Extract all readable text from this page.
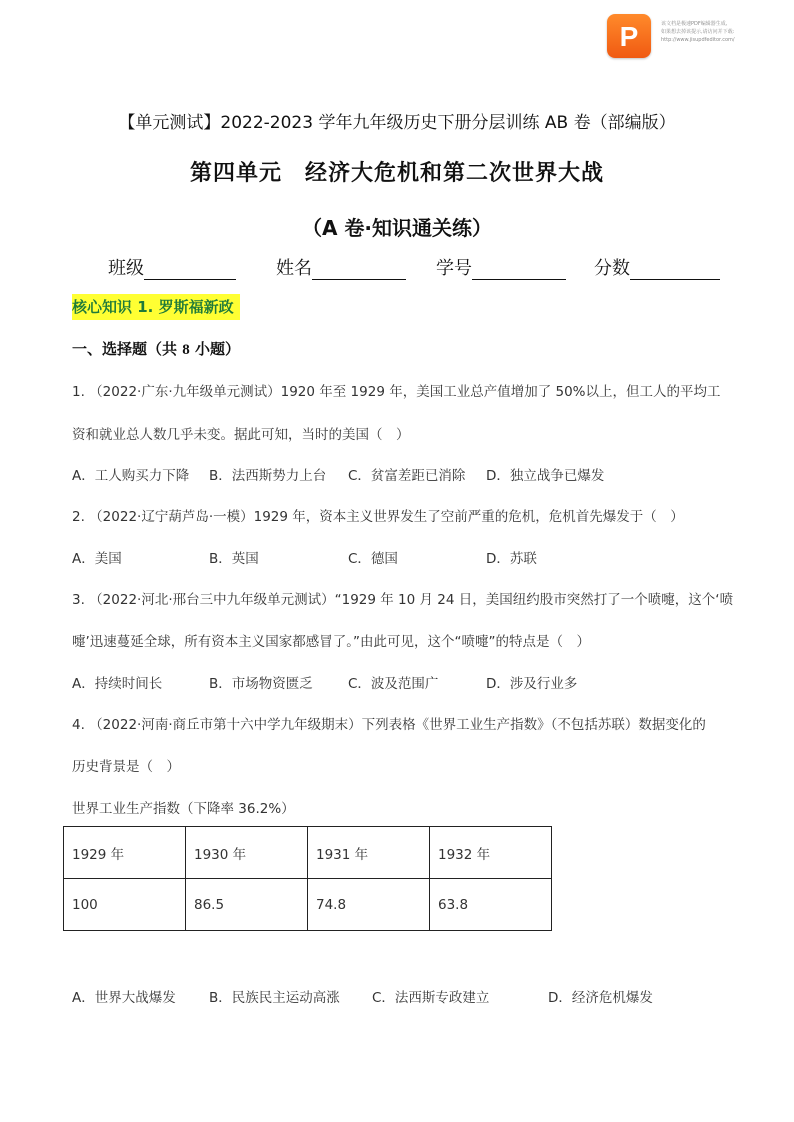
P	该文档是极速PDF编辑器生成,
如果想去掉该提示,请访问并下载:
http://www.jisupdfeditor.com/
【单元测试】2022-2023 学年九年级历史下册分层训练 AB 卷（部编版）
第四单元　经济大危机和第二次世界大战
（A 卷·知识通关练）
班级	姓名	学号	分数
核心知识 1. 罗斯福新政
一、选择题（共 8 小题）
1. （2022·广东·九年级单元测试）1920 年至 1929 年，美国工业总产值增加了 50%以上，但工人的平均工
资和就业总人数几乎未变。据此可知，当时的美国（　）
A．工人购买力下降 B．法西斯势力上台 C．贫富差距已消除 D．独立战争已爆发
2. （2022·辽宁葫芦岛·一模）1929 年，资本主义世界发生了空前严重的危机，危机首先爆发于（　）
A．美国	B．英国	C．德国	D．苏联
3. （2022·河北·邢台三中九年级单元测试）“1929 年 10 月 24 日，美国纽约股市突然打了一个喷嚏，这个‘喷
嚏’迅速蔓延全球，所有资本主义国家都感冒了。”由此可见，这个“喷嚏”的特点是（　）
A．持续时间长	B．市场物资匮乏	C．波及范围广	D．涉及行业多
4. （2022·河南·商丘市第十六中学九年级期末）下列表格《世界工业生产指数》（不包括苏联）数据变化的
历史背景是（　）
世界工业生产指数（下降率 36.2%）
1929 年	1930 年	1931 年	1932 年
100	86.5	74.8	63.8
A．世界大战爆发 B．民族民主运动高涨 C．法西斯专政建立	D．经济危机爆发
